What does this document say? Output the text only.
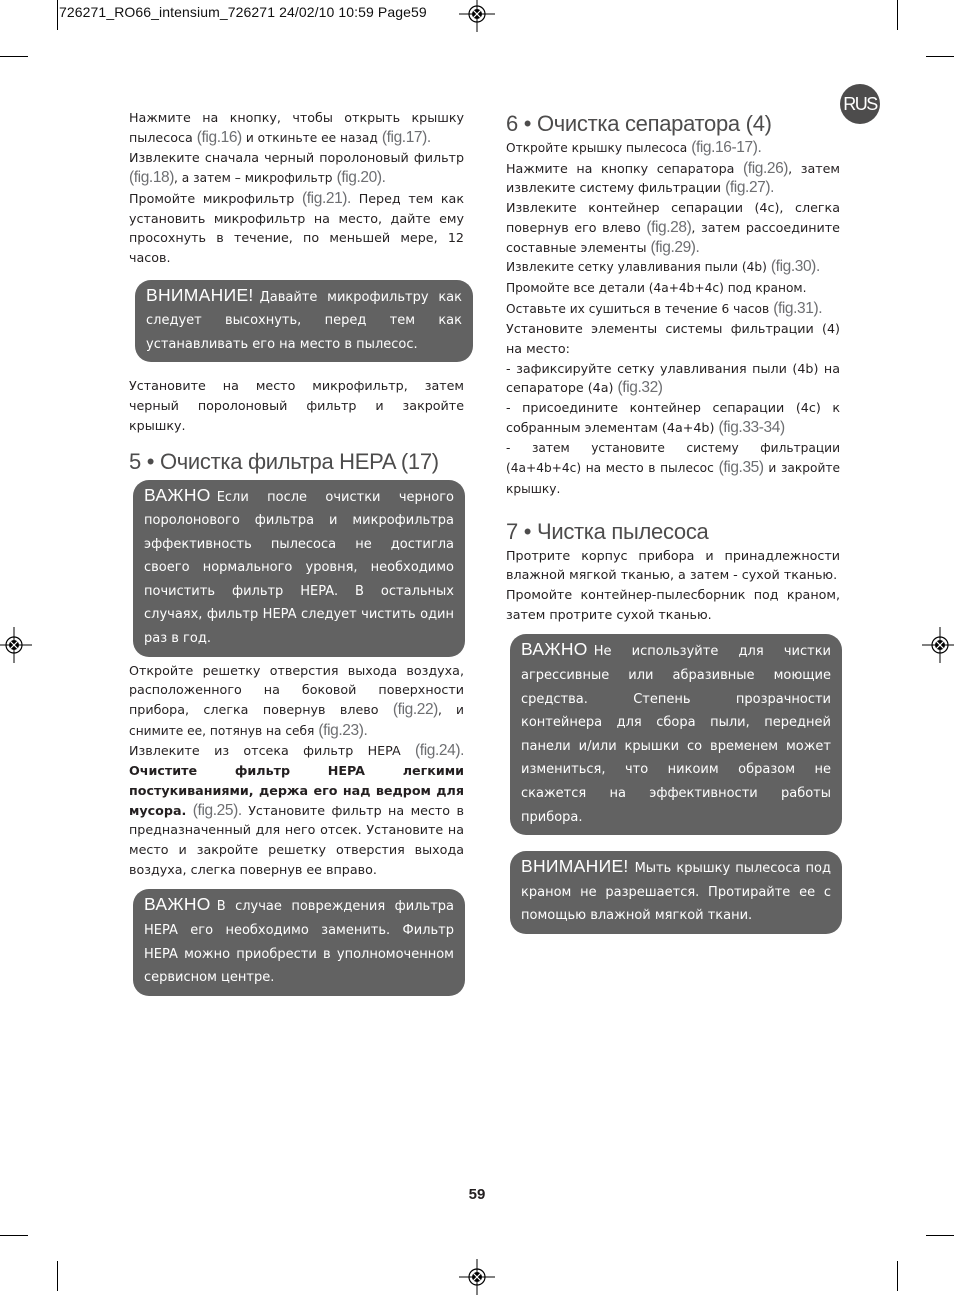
726271_RO66_intensium_726271 24/02/10 10:59 Page59
RUS

Нажмите на кнопку, чтобы открыть крышку пылесоса (fig.16) и откиньте ее назад (fig.17).

Извлеките сначала черный поролоновый фильтр (fig.18), а затем – микрофильтр (fig.20).

Промойте микрофильтр (fig.21). Перед тем как установить микрофильтр на место, дайте ему просохнуть в течение, по меньшей мере, 12 часов.

ВНИМАНИЕ! Давайте микрофильтру как следует высохнуть, перед тем как устанавливать его на место в пылесос.

Установите на место микрофильтр, затем черный поролоновый фильтр и закройте крышку.

5 • Очистка фильтра HEPA (17)

ВАЖНО Если после очистки черного поролонового фильтра и микрофильтра эффективность пылесоса не достигла своего нормального уровня, необходимо почистить фильтр HEPA. В остальных случаях, фильтр HEPA следует чистить один раз в год.

Откройте решетку отверстия выхода воздуха, расположенного на боковой поверхности прибора, слегка повернув влево (fig.22), и снимите ее, потянув на себя (fig.23).

Извлеките из отсека фильтр HEPA (fig.24). Очистите фильтр HEPA легкими постукиваниями, держа его над ведром для мусора. (fig.25). Установите фильтр на место в предназначенный для него отсек. Установите на место и закройте решетку отверстия выхода воздуха, слегка повернув ее вправо.

ВАЖНО В случае повреждения фильтра HEPA его необходимо заменить. Фильтр HEPA можно приобрести в уполномоченном сервисном центре.

6 • Очистка сепаратора (4)

Откройте крышку пылесоса (fig.16-17).

Нажмите на кнопку сепаратора (fig.26), затем извлеките систему фильтрации (fig.27).

Извлеките контейнер сепарации (4c), слегка повернув его влево (fig.28), затем рассоедините составные элементы (fig.29).

Извлеките сетку улавливания пыли (4b) (fig.30).

Промойте все детали (4a+4b+4c) под краном.

Оставьте их сушиться в течение 6 часов (fig.31).

Установите элементы системы фильтрации (4) на место:

- зафиксируйте сетку улавливания пыли (4b) на сепараторе (4a) (fig.32)

- присоедините контейнер сепарации (4c) к собранным элементам (4a+4b) (fig.33-34)

- затем установите систему фильтрации (4a+4b+4c) на место в пылесос (fig.35) и закройте крышку.

7 • Чистка пылесоса

Протрите корпус прибора и принадлежности влажной мягкой тканью, а затем - сухой тканью.

Промойте контейнер-пылесборник под краном, затем протрите сухой тканью.

ВАЖНО Не используйте для чистки агрессивные или абразивные моющие средства. Степень прозрачности контейнера для сбора пыли, передней панели и/или крышки со временем может измениться, что никоим образом не скажется на эффективности работы прибора.

ВНИМАНИЕ! Мыть крышку пылесоса под краном не разрешается. Протирайте ее с помощью влажной мягкой ткани.

59
